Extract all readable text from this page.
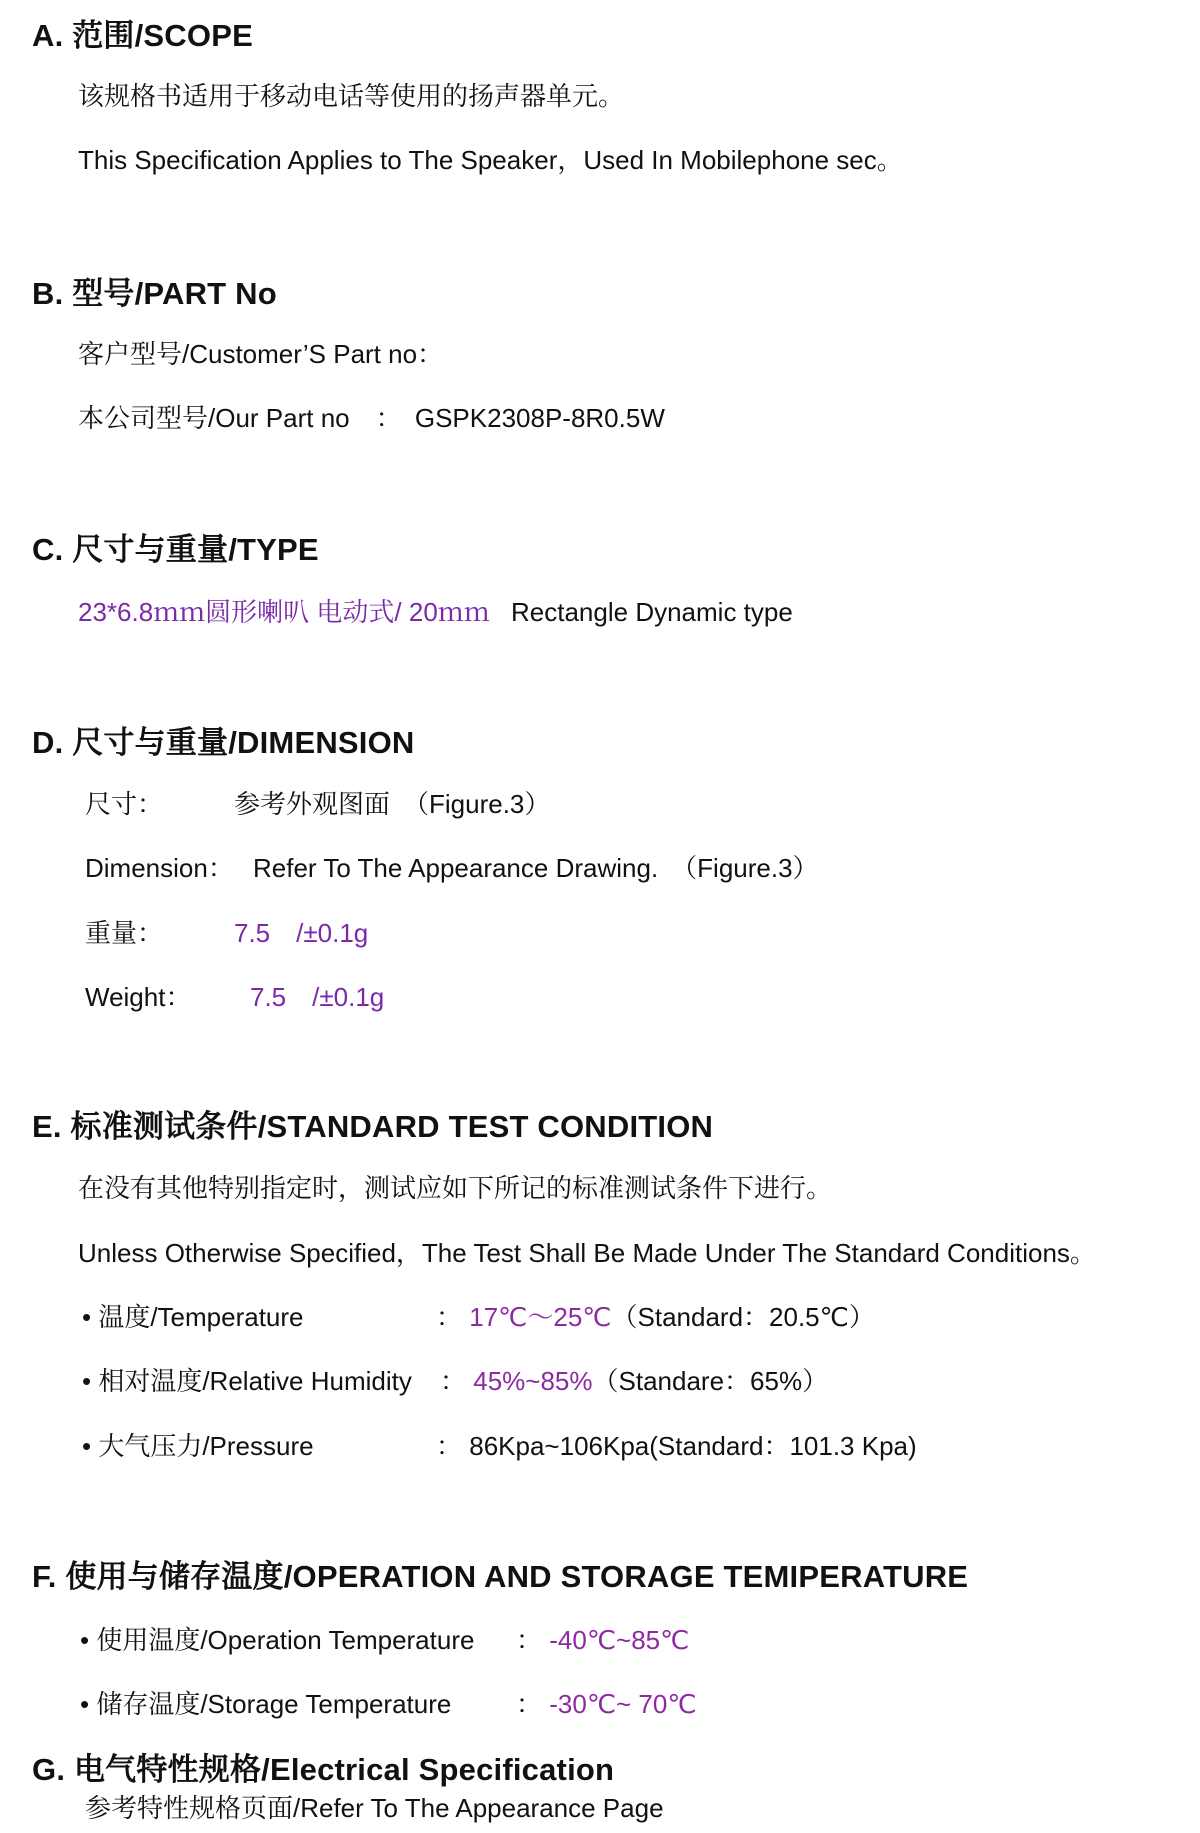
A. 范围/SCOPE
该规格书适用于移动电话等使用的扬声器单元。
This Specification Applies to The Speaker，Used In Mobilephone sec。
B. 型号/PART No
客户型号/Customer’S Part no：
本公司型号/Our Part no　： GSPK2308P-8R0.5W
C. 尺寸与重量/TYPE
23*6.8ｍｍ圆形喇叭 电动式/ 20ｍｍ Rectangle Dynamic type
D. 尺寸与重量/DIMENSION
尺寸：	参考外观图面　（Figure.3）
Dimension： Refer To The Appearance Drawing.　（Figure.3）
重量：	7.5　/±0.1g
Weight： 7.5　/±0.1g
E. 标准测试条件/STANDARD TEST CONDITION
在没有其他特别指定时，测试应如下所记的标准测试条件下进行。
Unless Otherwise Specified，The Test Shall Be Made Under The Standard Conditions。
• 温度/Temperature	： 17℃～25℃（Standard：20.5℃）
• 相对温度/Relative Humidity ： 45%~85%（Standare：65%）
• 大气压力/Pressure	： 86Kpa~106Kpa(Standard：101.3 Kpa)
F. 使用与储存温度/OPERATION AND STORAGE TEMIPERATURE
• 使用温度/Operation Temperature ： -40℃~85℃
• 储存温度/Storage Temperature ： -30℃~ 70℃
G. 电气特性规格/Electrical Specification
参考特性规格页面/Refer To The Appearance Page
